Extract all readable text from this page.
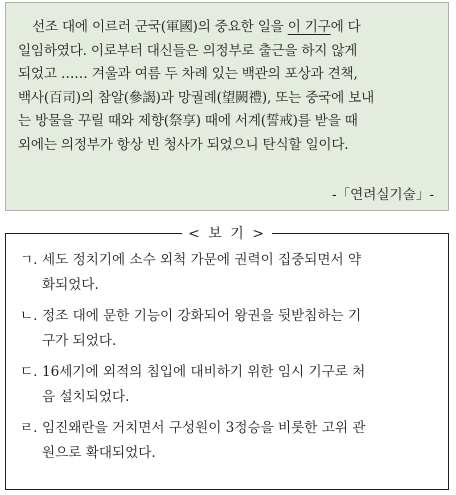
선조 대에 이르러 군국(軍國)의 중요한 일을 이 기구에 다
일임하였다. 이로부터 대신들은 의정부로 출근을 하지 않게
되었고 …… 겨울과 여름 두 차례 있는 백관의 포상과 견책,
백사(百司)의 참알(參謁)과 망궐례(望闕禮), 또는 중국에 보내
는 방물을 꾸릴 때와 제향(祭享) 때에 서계(誓戒)를 받을 때
외에는 의정부가 항상 빈 청사가 되었으니 탄식할 일이다.
-「연려실기술」-
< 보 기 >
ㄱ. 세도 정치기에 소수 외척 가문에 권력이 집중되면서 약
화되었다.
ㄴ. 정조 대에 문한 기능이 강화되어 왕권을 뒷받침하는 기
구가 되었다.
ㄷ. 16세기에 외적의 침입에 대비하기 위한 임시 기구로 처
음 설치되었다.
ㄹ. 임진왜란을 거치면서 구성원이 3정승을 비롯한 고위 관
원으로 확대되었다.
